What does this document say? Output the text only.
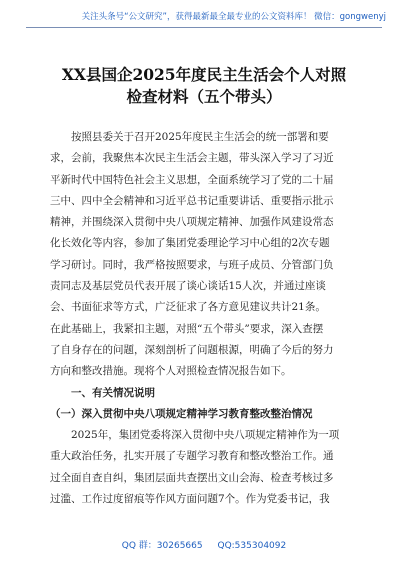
关注头条号“公文研究”，获得最新最全最专业的公文资料库！ 微信：gongwenyj
XX县国企2025年度民主生活会个人对照
检查材料（五个带头）
按照县委关于召开2025年度民主生活会的统一部署和要
求，会前，我聚焦本次民主生活会主题，带头深入学习了习近
平新时代中国特色社会主义思想，全面系统学习了党的二十届
三中、四中全会精神和习近平总书记重要讲话、重要指示批示
精神，并围绕深入贯彻中央八项规定精神、加强作风建设常态
化长效化等内容，参加了集团党委理论学习中心组的2次专题
学习研讨。同时，我严格按照要求，与班子成员、分管部门负
责同志及基层党员代表开展了谈心谈话15人次，并通过座谈
会、书面征求等方式，广泛征求了各方意见建议共计21条。
在此基础上，我紧扣主题，对照“五个带头”要求，深入查摆
了自身存在的问题，深刻剖析了问题根源，明确了今后的努力
方向和整改措施。现将个人对照检查情况报告如下。
一、有关情况说明
（一）深入贯彻中央八项规定精神学习教育整改整治情况
2025年，集团党委将深入贯彻中央八项规定精神作为一项
重大政治任务，扎实开展了专题学习教育和整改整治工作。通
过全面自查自纠，集团层面共查摆出文山会海、检查考核过多
过滥、工作过度留痕等作风方面问题7个。作为党委书记，我
QQ 群：30265665 QQ:535304092
